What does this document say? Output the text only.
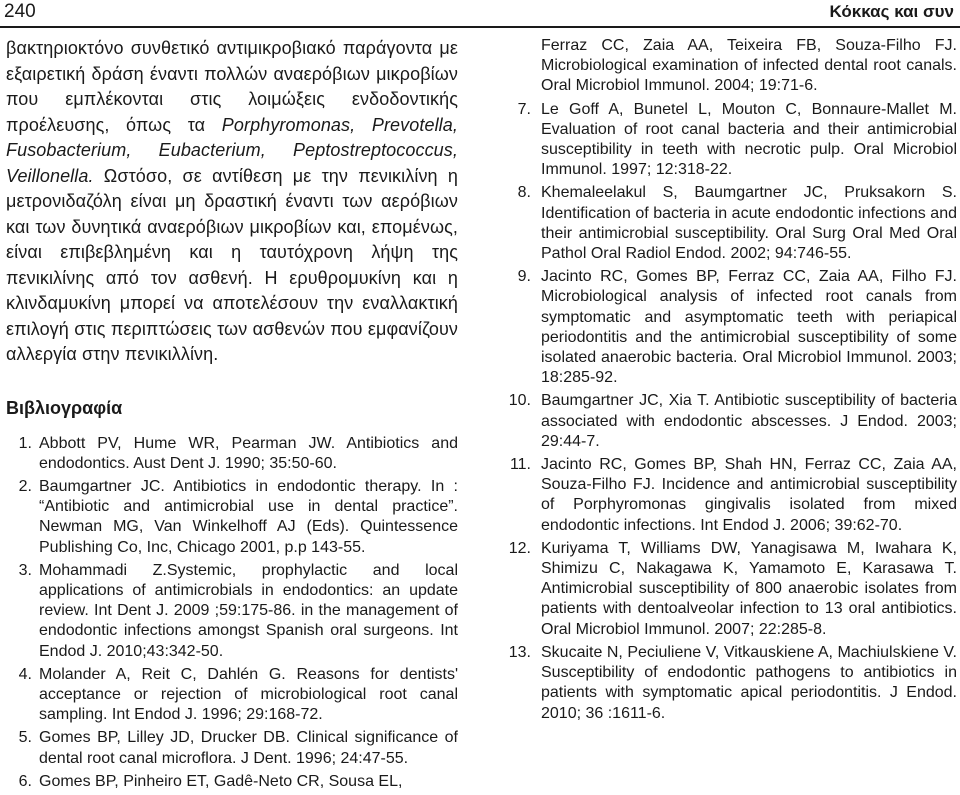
240	Κόκκας και συν

βακτηριοκτόνο συνθετικό αντιμικροβιακό παράγοντα με εξαιρετική δράση έναντι πολλών αναερόβιων μικροβίων που εμπλέκονται στις λοιμώξεις ενδοδοντικής προέλευσης, όπως τα Porphyromonas, Prevotella, Fusobacterium, Eubacterium, Peptostreptococcus, Veillonella. Ωστόσο, σε αντίθεση με την πενικιλίνη η μετρονιδαζόλη είναι μη δραστική έναντι των αερόβιων και των δυνητικά αναερόβιων μικροβίων και, επομένως, είναι επιβεβλημένη και η ταυτόχρονη λήψη της πενικιλίνης από τον ασθενή. Η ερυθρομυκίνη και η κλινδαμυκίνη μπορεί να αποτελέσουν την εναλλακτική επιλογή στις περιπτώσεις των ασθενών που εμφανίζουν αλλεργία στην πενικιλλίνη.

Βιβλιογραφία
1. Abbott PV, Hume WR, Pearman JW. Antibiotics and endodontics. Aust Dent J. 1990; 35:50-60.
2. Baumgartner JC. Antibiotics in endodontic therapy. In : “Antibiotic and antimicrobial use in dental practice”. Newman MG, Van Winkelhoff AJ (Eds). Quintessence Publishing Co, Inc, Chicago 2001, p.p 143-55.
3. Mohammadi Z.Systemic, prophylactic and local applications of antimicrobials in endodontics: an update review. Int Dent J. 2009 ;59:175-86. in the management of endodontic infections amongst Spanish oral surgeons. Int Endod J. 2010;43:342-50.
4. Molander A, Reit C, Dahlén G. Reasons for dentists' acceptance or rejection of microbiological root canal sampling. Int Endod J. 1996; 29:168-72.
5. Gomes BP, Lilley JD, Drucker DB. Clinical significance of dental root canal microflora. J Dent. 1996; 24:47-55.
6. Gomes BP, Pinheiro ET, Gadê-Neto CR, Sousa EL,
Ferraz CC, Zaia AA, Teixeira FB, Souza-Filho FJ. Microbiological examination of infected dental root canals. Oral Microbiol Immunol. 2004; 19:71-6.
7. Le Goff A, Bunetel L, Mouton C, Bonnaure-Mallet M. Evaluation of root canal bacteria and their antimicrobial susceptibility in teeth with necrotic pulp. Oral Microbiol Immunol. 1997; 12:318-22.
8. Khemaleelakul S, Baumgartner JC, Pruksakorn S. Identification of bacteria in acute endodontic infections and their antimicrobial susceptibility. Oral Surg Oral Med Oral Pathol Oral Radiol Endod. 2002; 94:746-55.
9. Jacinto RC, Gomes BP, Ferraz CC, Zaia AA, Filho FJ. Microbiological analysis of infected root canals from symptomatic and asymptomatic teeth with periapical periodontitis and the antimicrobial susceptibility of some isolated anaerobic bacteria. Oral Microbiol Immunol. 2003; 18:285-92.
10. Baumgartner JC, Xia T. Antibiotic susceptibility of bacteria associated with endodontic abscesses. J Endod. 2003; 29:44-7.
11. Jacinto RC, Gomes BP, Shah HN, Ferraz CC, Zaia AA, Souza-Filho FJ. Incidence and antimicrobial susceptibility of Porphyromonas gingivalis isolated from mixed endodontic infections. Int Endod J. 2006; 39:62-70.
12. Kuriyama T, Williams DW, Yanagisawa M, Iwahara K, Shimizu C, Nakagawa K, Yamamoto E, Karasawa T. Antimicrobial susceptibility of 800 anaerobic isolates from patients with dentoalveolar infection to 13 oral antibiotics. Oral Microbiol Immunol. 2007; 22:285-8.
13. Skucaite N, Peciuliene V, Vitkauskiene A, Machiulskiene V. Susceptibility of endodontic pathogens to antibiotics in patients with symptomatic apical periodontitis. J Endod. 2010; 36 :1611-6.
